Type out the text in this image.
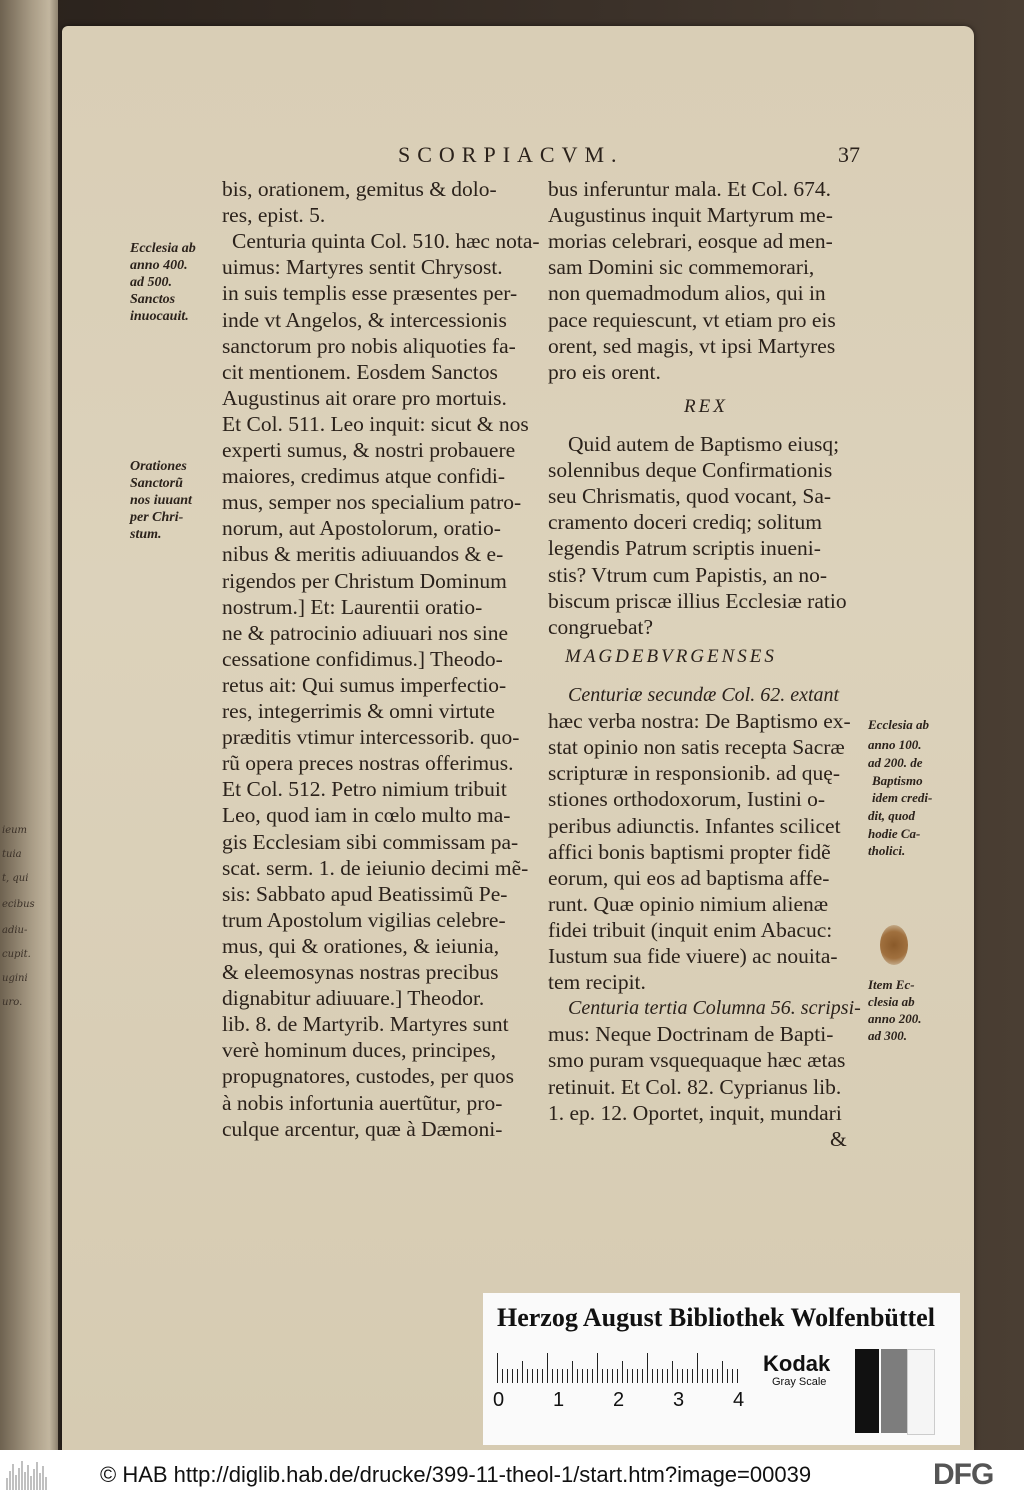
ieum
tuia
t, qui
ecibus
adiu-
cupit.
ugini
uro.
SCORPIACVM.	37
REX
MAGDEBVRGENSES
bis, orationem, gemitus & dolo-
res, epist. 5.
Centuria quinta Col. 510. hæc nota-
uimus: Martyres sentit Chrysost.
in suis templis esse præsentes per-
inde vt Angelos, & intercessionis
sanctorum pro nobis aliquoties fa-
cit mentionem. Eosdem Sanctos
Augustinus ait orare pro mortuis.
Et Col. 511. Leo inquit: sicut & nos
experti sumus, & nostri probauere
maiores, credimus atque confidi-
mus, semper nos specialium patro-
norum, aut Apostolorum, oratio-
nibus & meritis adiuuandos & e-
rigendos per Christum Dominum
nostrum.] Et: Laurentii oratio-
ne & patrocinio adiuuari nos sine
cessatione confidimus.] Theodo-
retus ait: Qui sumus imperfectio-
res, integerrimis & omni virtute
præditis vtimur intercessorib. quo-
rũ opera preces nostras offerimus.
Et Col. 512. Petro nimium tribuit
Leo, quod iam in cœlo multo ma-
gis Ecclesiam sibi commissam pa-
scat. serm. 1. de ieiunio decimi mẽ-
sis: Sabbato apud Beatissimũ Pe-
trum Apostolum vigilias celebre-
mus, qui & orationes, & ieiunia,
& eleemosynas nostras precibus
dignabitur adiuuare.] Theodor.
lib. 8. de Martyrib. Martyres sunt
verè hominum duces, principes,
propugnatores, custodes, per quos
à nobis infortunia auertũtur, pro-
culque arcentur, quæ à Dæmoni-
Ecclesia ab
anno 400.
ad 500.
Sanctos
inuocauit.
Orationes
Sanctorũ
nos iuuant
per Chri-
stum.
bus inferuntur mala. Et Col. 674.
Augustinus inquit Martyrum me-
morias celebrari, eosque ad men-
sam Domini sic commemorari,
non quemadmodum alios, qui in
pace requiescunt, vt etiam pro eis
orent, sed magis, vt ipsi Martyres
pro eis orent.
Quid autem de Baptismo eiusq;
solennibus deque Confirmationis
seu Chrismatis, quod vocant, Sa-
cramento doceri crediq; solitum
legendis Patrum scriptis inueni-
stis? Vtrum cum Papistis, an no-
biscum priscæ illius Ecclesiæ ratio
congruebat?
Centuriæ secundæ Col. 62. extant
hæc verba nostra: De Baptismo ex-
stat opinio non satis recepta Sacræ
scripturæ in responsionib. ad quę-
stiones orthodoxorum, Iustini o-
peribus adiunctis. Infantes scilicet
affici bonis baptismi propter fidẽ
eorum, qui eos ad baptisma affe-
runt. Quæ opinio nimium alienæ
fidei tribuit (inquit enim Abacuc:
Iustum sua fide viuere) ac nouita-
tem recipit.
Centuria tertia Columna 56. scripsi-
mus: Neque Doctrinam de Bapti-
smo puram vsquequaque hæc ætas
retinuit. Et Col. 82. Cyprianus lib.
1. ep. 12. Oportet, inquit, mundari
&
Ecclesia ab
anno 100.
ad 200. de
Baptismo
idem credi-
dit, quod
hodie Ca-
tholici.
Item Ec-
clesia ab
anno 200.
ad 300.
Herzog August Bibliothek Wolfenbüttel
0 1 2 3 4
Kodak
Gray Scale
© HAB http://diglib.hab.de/drucke/399-11-theol-1/start.htm?image=00039	DFG
